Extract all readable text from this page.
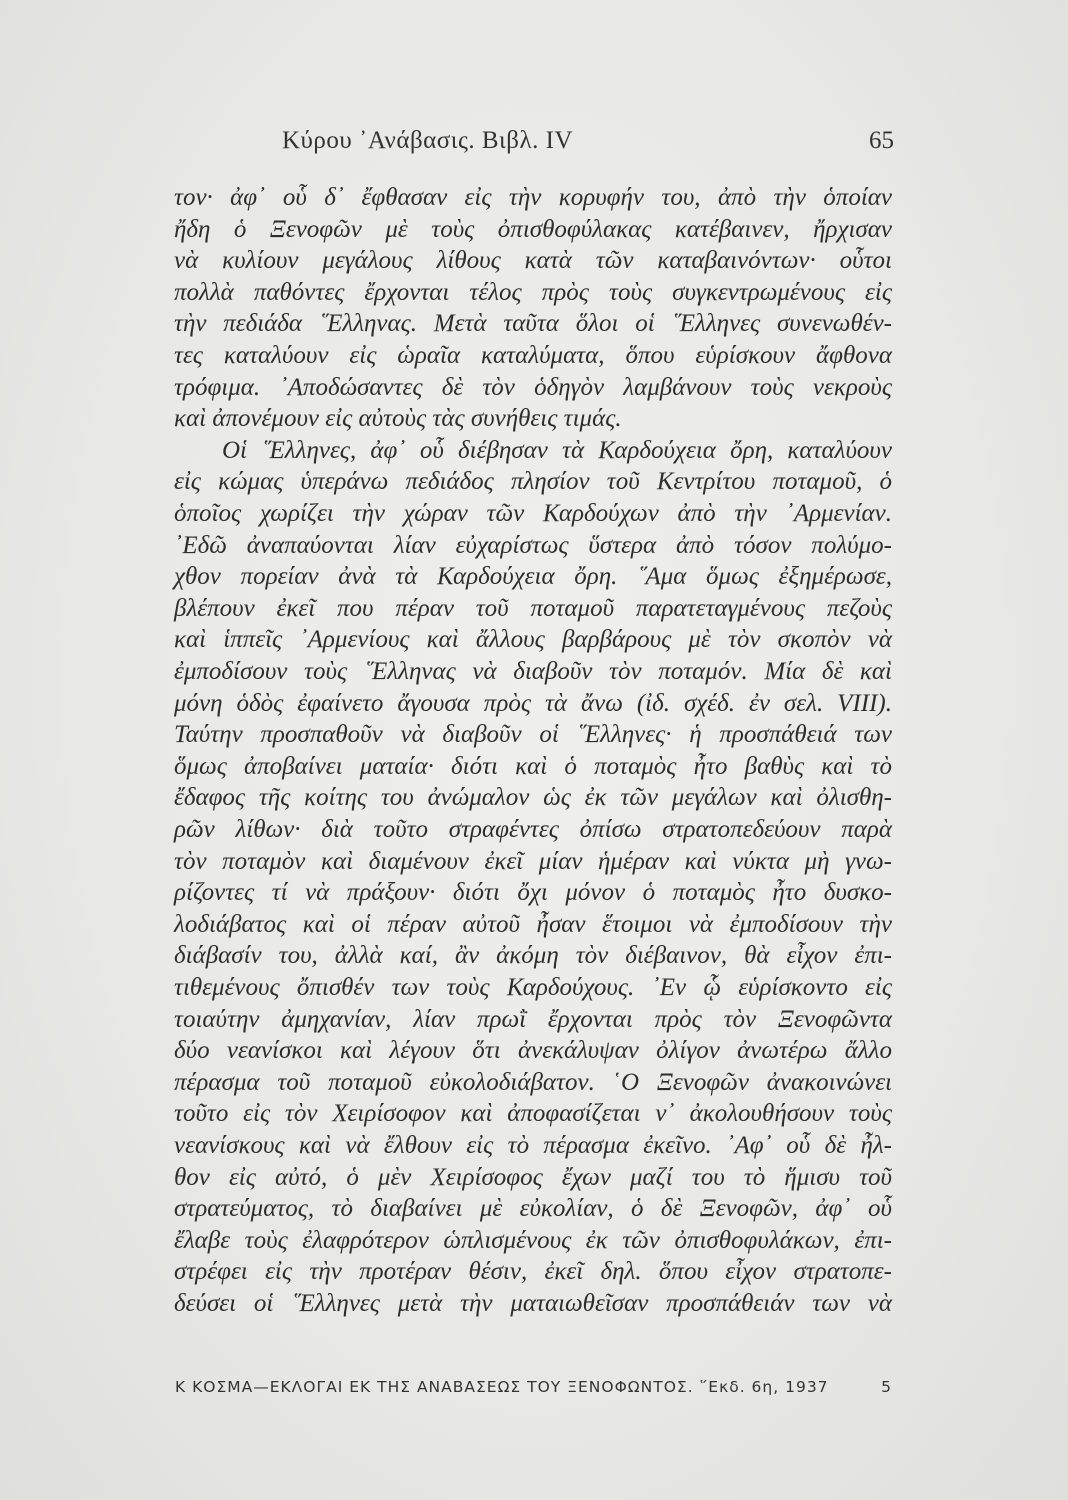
Κύρου ᾿Ανάβασις. Βιβλ. IV	65
τον· ἀφ᾿ οὗ δ᾿ ἔφθασαν εἰς τὴν κορυφήν του, ἀπὸ τὴν ὁποίαν
ἤδη ὁ Ξενοφῶν μὲ τοὺς ὀπισθοφύλακας κατέβαινεν, ἤρχισαν
νὰ κυλίουν μεγάλους λίθους κατὰ τῶν καταβαινόντων· οὗτοι
πολλὰ παθόντες ἔρχονται τέλος πρὸς τοὺς συγκεντρωμένους εἰς
τὴν πεδιάδα ῞Ελληνας. Μετὰ ταῦτα ὅλοι οἱ ῞Ελληνες συνενωθέν-
τες καταλύουν εἰς ὡραῖα καταλύματα, ὅπου εὑρίσκουν ἄφθονα
τρόφιμα. ᾿Αποδώσαντες δὲ τὸν ὁδηγὸν λαμβάνουν τοὺς νεκροὺς
καὶ ἀπονέμουν εἰς αὐτοὺς τὰς συνήθεις τιμάς.
Οἱ ῞Ελληνες, ἀφ᾿ οὗ διέβησαν τὰ Καρδούχεια ὄρη, καταλύουν
εἰς κώμας ὑπεράνω πεδιάδος πλησίον τοῦ Κεντρίτου ποταμοῦ, ὁ
ὁποῖος χωρίζει τὴν χώραν τῶν Καρδούχων ἀπὸ τὴν ᾿Αρμενίαν.
᾿Εδῶ ἀναπαύονται λίαν εὐχαρίστως ὕστερα ἀπὸ τόσον πολύμο-
χθον πορείαν ἀνὰ τὰ Καρδούχεια ὄρη. ῞Αμα ὅμως ἐξημέρωσε,
βλέπουν ἐκεῖ που πέραν τοῦ ποταμοῦ παρατεταγμένους πεζοὺς
καὶ ἱππεῖς ᾿Αρμενίους καὶ ἄλλους βαρβάρους μὲ τὸν σκοπὸν νὰ
ἐμποδίσουν τοὺς ῞Ελληνας νὰ διαβοῦν τὸν ποταμόν. Μία δὲ καὶ
μόνη ὁδὸς ἐφαίνετο ἄγουσα πρὸς τὰ ἄνω (ἰδ. σχέδ. ἐν σελ. VIII).
Ταύτην προσπαθοῦν νὰ διαβοῦν οἱ ῞Ελληνες· ἡ προσπάθειά των
ὅμως ἀποβαίνει ματαία· διότι καὶ ὁ ποταμὸς ἦτο βαθὺς καὶ τὸ
ἔδαφος τῆς κοίτης του ἀνώμαλον ὡς ἐκ τῶν μεγάλων καὶ ὀλισθη-
ρῶν λίθων· διὰ τοῦτο στραφέντες ὀπίσω στρατοπεδεύουν παρὰ
τὸν ποταμὸν καὶ διαμένουν ἐκεῖ μίαν ἡμέραν καὶ νύκτα μὴ γνω-
ρίζοντες τί νὰ πράξουν· διότι ὄχι μόνον ὁ ποταμὸς ἦτο δυσκο-
λοδιάβατος καὶ οἱ πέραν αὐτοῦ ἦσαν ἕτοιμοι νὰ ἐμποδίσουν τὴν
διάβασίν του, ἀλλὰ καί, ἂν ἀκόμη τὸν διέβαινον, θὰ εἶχον ἐπι-
τιθεμένους ὄπισθέν των τοὺς Καρδούχους. ᾿Εν ᾧ εὑρίσκοντο εἰς
τοιαύτην ἀμηχανίαν, λίαν πρωῒ ἔρχονται πρὸς τὸν Ξενοφῶντα
δύο νεανίσκοι καὶ λέγουν ὅτι ἀνεκάλυψαν ὀλίγον ἀνωτέρω ἄλλο
πέρασμα τοῦ ποταμοῦ εὐκολοδιάβατον. ῾Ο Ξενοφῶν ἀνακοινώνει
τοῦτο εἰς τὸν Χειρίσοφον καὶ ἀποφασίζεται ν᾿ ἀκολουθήσουν τοὺς
νεανίσκους καὶ νὰ ἔλθουν εἰς τὸ πέρασμα ἐκεῖνο. ᾿Αφ᾿ οὗ δὲ ἦλ-
θον εἰς αὐτό, ὁ μὲν Χειρίσοφος ἔχων μαζί του τὸ ἥμισυ τοῦ
στρατεύματος, τὸ διαβαίνει μὲ εὐκολίαν, ὁ δὲ Ξενοφῶν, ἀφ᾿ οὗ
ἔλαβε τοὺς ἐλαφρότερον ὡπλισμένους ἐκ τῶν ὀπισθοφυλάκων, ἐπι-
στρέφει εἰς τὴν προτέραν θέσιν, ἐκεῖ δηλ. ὅπου εἶχον στρατοπε-
δεύσει οἱ ῞Ελληνες μετὰ τὴν ματαιωθεῖσαν προσπάθειάν των νὰ
Κ ΚΟΣΜΑ—ΕΚΛΟΓΑΙ ΕΚ ΤΗΣ ΑΝΑΒΑΣΕΩΣ ΤΟΥ ΞΕΝΟΦΩΝΤΟΣ. ῞Εκδ. 6η, 1937	5
